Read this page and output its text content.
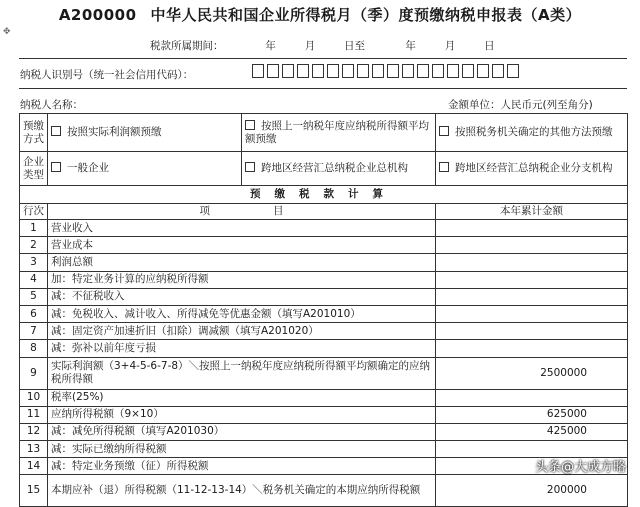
A200000 中华人民共和国企业所得税月（季）度预缴纳税申报表（A类）
✥
税款所属期间：	年	月	日至	年	月	日
纳税人识别号（统一社会信用代码）：
纳税人名称：	金额单位：人民币元(列至角分)
预缴方式	按照实际利润额预缴	按照上一纳税年度应纳税所得额平均额预缴	按照税务机关确定的其他方法预缴
企业类型	一般企业	跨地区经营汇总纳税企业总机构	跨地区经营汇总纳税企业分支机构
预缴税款计算			
行次	项　　　　　　目		本年累计金额
1	营业收入		
2	营业成本		
3	利润总额		
4	加：特定业务计算的应纳税所得额		
5	减：不征税收入		
6	减：免税收入、减计收入、所得减免等优惠金额（填写A201010）		
7	减：固定资产加速折旧（扣除）调减额（填写A201020）		
8	减：弥补以前年度亏损		
9	实际利润额（3+4-5-6-7-8）＼按照上一纳税年度应纳税所得额平均额确定的应纳税所得额		2500000
10	税率(25%)		
11	应纳所得税额（9×10）		625000
12	减：减免所得税额（填写A201030）		425000
13	减：实际已缴纳所得税额		
14	减：特定业务预缴（征）所得税额		
15	本期应补（退）所得税额（11-12-13-14）＼税务机关确定的本期应纳所得税额		200000
头条@大成方略
